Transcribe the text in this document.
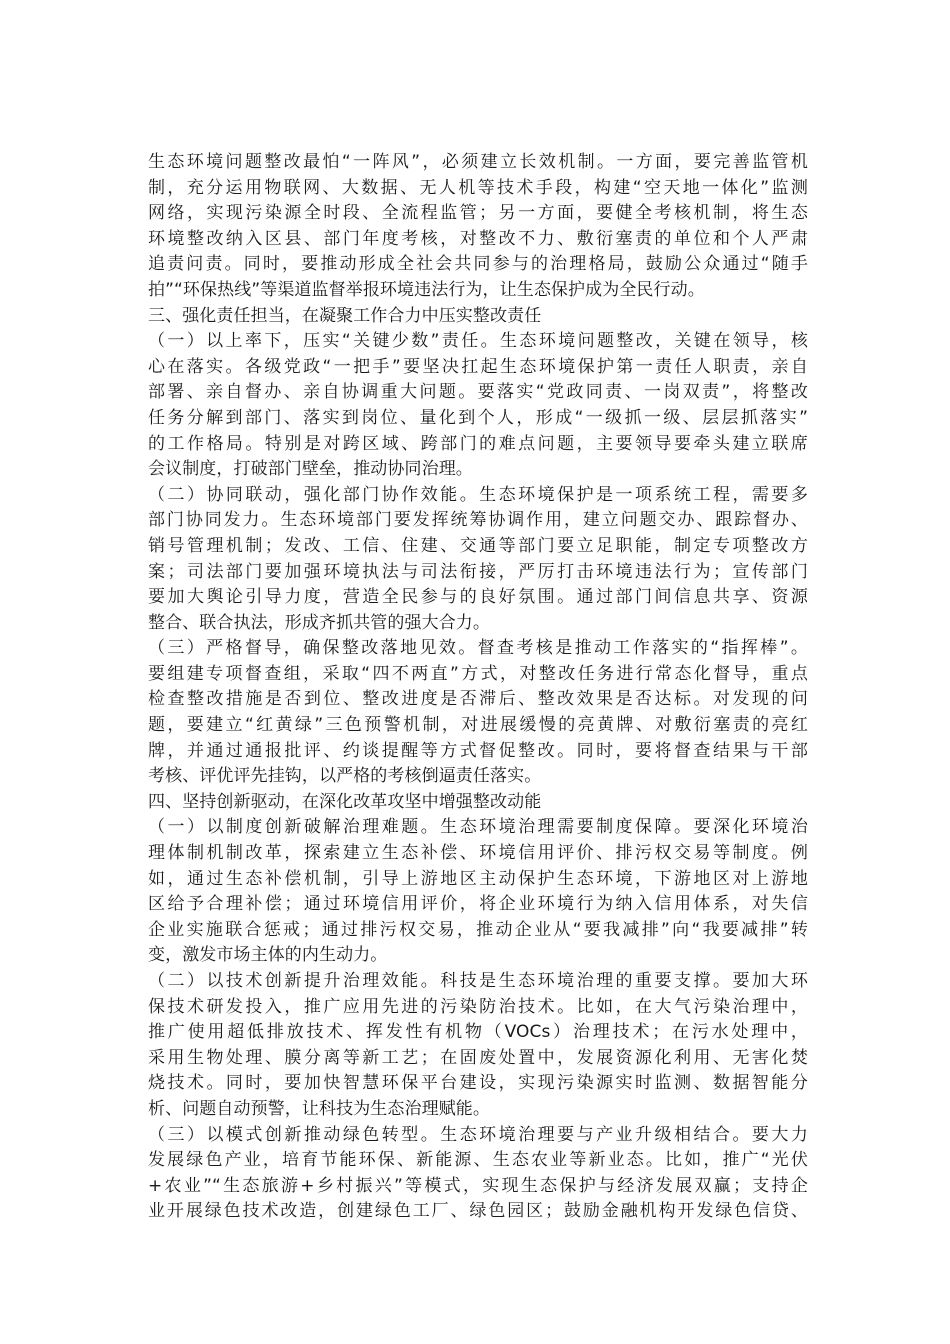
生态环境问题整改最怕“一阵风”，必须建立长效机制。一方面，要完善监管机
制，充分运用物联网、大数据、无人机等技术手段，构建“空天地一体化”监测
网络，实现污染源全时段、全流程监管；另一方面，要健全考核机制，将生态
环境整改纳入区县、部门年度考核，对整改不力、敷衍塞责的单位和个人严肃
追责问责。同时，要推动形成全社会共同参与的治理格局，鼓励公众通过“随手
拍”“环保热线”等渠道监督举报环境违法行为，让生态保护成为全民行动。

三、强化责任担当，在凝聚工作合力中压实整改责任

（一）以上率下，压实“关键少数”责任。生态环境问题整改，关键在领导，核
心在落实。各级党政“一把手”要坚决扛起生态环境保护第一责任人职责，亲自
部署、亲自督办、亲自协调重大问题。要落实“党政同责、一岗双责”，将整改
任务分解到部门、落实到岗位、量化到个人，形成“一级抓一级、层层抓落实”
的工作格局。特别是对跨区域、跨部门的难点问题，主要领导要牵头建立联席
会议制度，打破部门壁垒，推动协同治理。

（二）协同联动，强化部门协作效能。生态环境保护是一项系统工程，需要多
部门协同发力。生态环境部门要发挥统筹协调作用，建立问题交办、跟踪督办、
销号管理机制；发改、工信、住建、交通等部门要立足职能，制定专项整改方
案；司法部门要加强环境执法与司法衔接，严厉打击环境违法行为；宣传部门
要加大舆论引导力度，营造全民参与的良好氛围。通过部门间信息共享、资源
整合、联合执法，形成齐抓共管的强大合力。

（三）严格督导，确保整改落地见效。督查考核是推动工作落实的“指挥棒”。
要组建专项督查组，采取“四不两直”方式，对整改任务进行常态化督导，重点
检查整改措施是否到位、整改进度是否滞后、整改效果是否达标。对发现的问
题，要建立“红黄绿”三色预警机制，对进展缓慢的亮黄牌、对敷衍塞责的亮红
牌，并通过通报批评、约谈提醒等方式督促整改。同时，要将督查结果与干部
考核、评优评先挂钩，以严格的考核倒逼责任落实。

四、坚持创新驱动，在深化改革攻坚中增强整改动能

（一）以制度创新破解治理难题。生态环境治理需要制度保障。要深化环境治
理体制机制改革，探索建立生态补偿、环境信用评价、排污权交易等制度。例
如，通过生态补偿机制，引导上游地区主动保护生态环境，下游地区对上游地
区给予合理补偿；通过环境信用评价，将企业环境行为纳入信用体系，对失信
企业实施联合惩戒；通过排污权交易，推动企业从“要我减排”向“我要减排”转
变，激发市场主体的内生动力。

（二）以技术创新提升治理效能。科技是生态环境治理的重要支撑。要加大环
保技术研发投入，推广应用先进的污染防治技术。比如，在大气污染治理中，
推广使用超低排放技术、挥发性有机物（VOCs）治理技术；在污水处理中，
采用生物处理、膜分离等新工艺；在固废处置中，发展资源化利用、无害化焚
烧技术。同时，要加快智慧环保平台建设，实现污染源实时监测、数据智能分
析、问题自动预警，让科技为生态治理赋能。

（三）以模式创新推动绿色转型。生态环境治理要与产业升级相结合。要大力
发展绿色产业，培育节能环保、新能源、生态农业等新业态。比如，推广“光伏
+农业”“生态旅游+乡村振兴”等模式，实现生态保护与经济发展双赢；支持企
业开展绿色技术改造，创建绿色工厂、绿色园区；鼓励金融机构开发绿色信贷、
